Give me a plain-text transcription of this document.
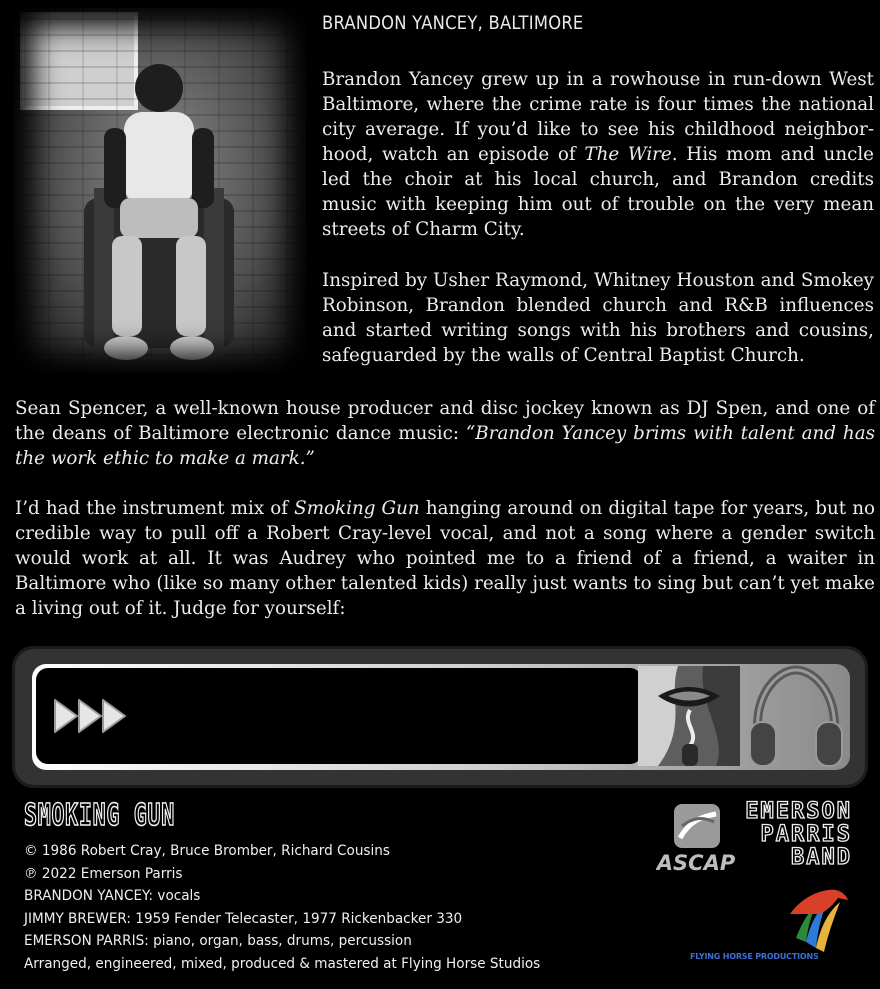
BRANDON YANCEY, BALTIMORE

Brandon Yancey grew up in a rowhouse in run-down West Baltimore, where the crime rate is four times the national city average. If you’d like to see his childhood neighborhood, watch an episode of The Wire. His mom and uncle led the choir at his local church, and Brandon credits music with keeping him out of trouble on the very mean streets of Charm City.

Inspired by Usher Raymond, Whitney Houston and Smokey Robinson, Brandon blended church and R&B influences and started writing songs with his brothers and cousins, safeguarded by the walls of Central Baptist Church.

Sean Spencer, a well-known house producer and disc jockey known as DJ Spen, and one of the deans of Baltimore electronic dance music: “Brandon Yancey brims with talent and has the work ethic to make a mark.”

I’d had the instrument mix of Smoking Gun hanging around on digital tape for years, but no credible way to pull off a Robert Cray-level vocal, and not a song where a gender switch would work at all. It was Audrey who pointed me to a friend of a friend, a waiter in Baltimore who (like so many other talented kids) really just wants to sing but can’t yet make a living out of it. Judge for yourself:

SMOKING GUN
© 1986 Robert Cray, Bruce Bromber, Richard Cousins
℗ 2022 Emerson Parris
BRANDON YANCEY: vocals
JIMMY BREWER: 1959 Fender Telecaster, 1977 Rickenbacker 330
EMERSON PARRIS: piano, organ, bass, drums, percussion
Arranged, engineered, mixed, produced & mastered at Flying Horse Studios
ASCAP
EMERSON
PARRIS
BAND
FLYING HORSE PRODUCTIONS
